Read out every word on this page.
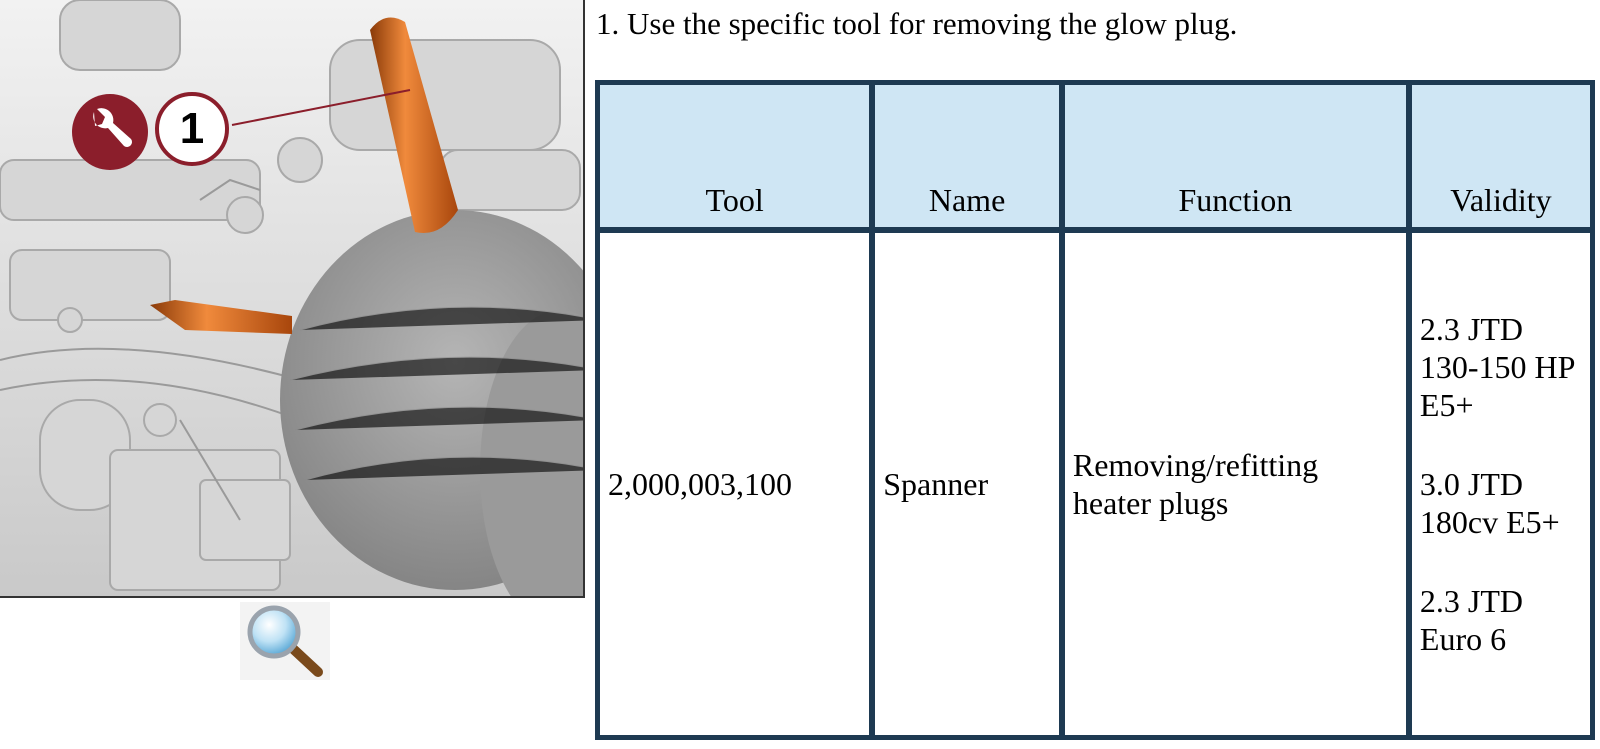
1

1. Use the specific tool for removing the glow plug.

Tool	Name	Function	Validity
2,000,003,100	Spanner	Removing/refitting heater plugs	2.3 JTD 130-150 HP E5+
3.0 JTD 180cv E5+
2.3 JTD Euro 6
